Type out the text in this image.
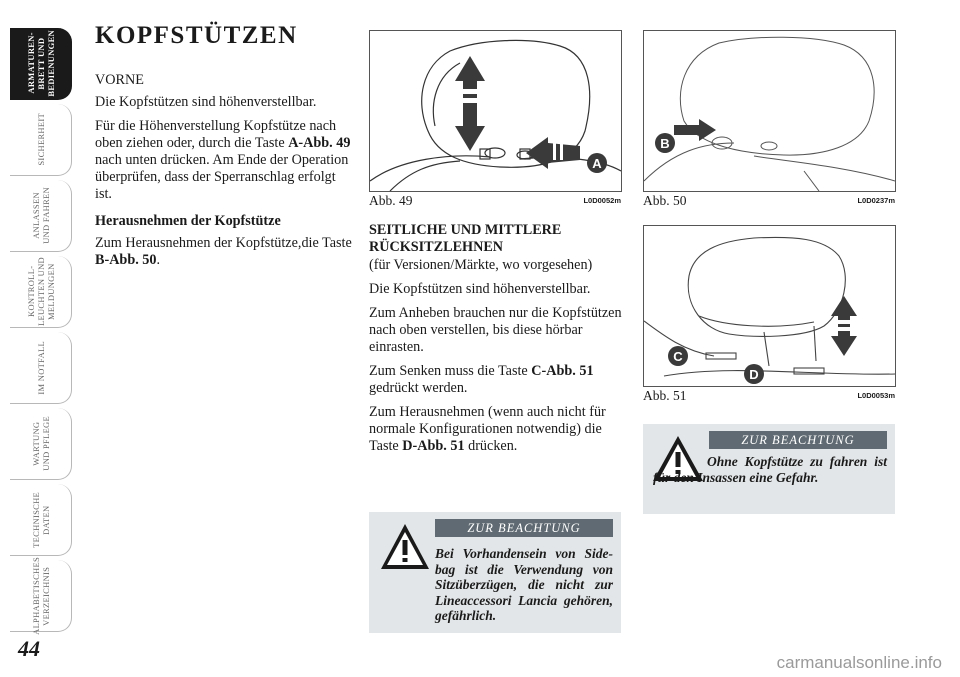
ARMATUREN-
BRETT UND
BEDIENUNGEN
SICHERHEIT
ANLASSEN
UND FAHREN
KONTROLL-
LEUCHTEN UND
MELDUNGEN
IM NOTFALL
WARTUNG
UND PFLEGE
TECHNISCHE
DATEN
ALPHABETISCHES
VERZEICHNIS
44
KOPFSTÜTZEN
VORNE

Die Kopfstützen sind höhenverstellbar.

Für die Höhenverstellung Kopfstütze nach oben ziehen oder, durch die Taste A-Abb. 49 nach unten drücken. Am Ende der Operation überprüfen, dass der Sperranschlag erfolgt ist.

Herausnehmen der Kopfstütze

Zum Herausnehmen der Kopfstütze,die Taste B-Abb. 50.

A
Abb. 49	L0D0052m
B
Abb. 50	L0D0237m
C
D
Abb. 51	L0D0053m
SEITLICHE UND MITTLERE RÜCKSITZLEHNEN

(für Versionen/Märkte, wo vorgesehen)

Die Kopfstützen sind höhenverstellbar.

Zum Anheben brauchen nur die Kopfstützen nach oben verstellen, bis diese hörbar einrasten.

Zum Senken muss die Taste C-Abb. 51 gedrückt werden.

Zum Herausnehmen (wenn auch nicht für normale Konfigurationen notwendig) die Taste D-Abb. 51 drücken.

ZUR BEACHTUNG
Bei Vorhandensein von Side-bag ist die Verwendung von Sitzüberzügen, die nicht zur Lineaccessori Lancia gehören, gefährlich.
ZUR BEACHTUNG
Ohne Kopfstütze zu fahren ist für den Insassen eine Gefahr.
carmanualsonline.info
